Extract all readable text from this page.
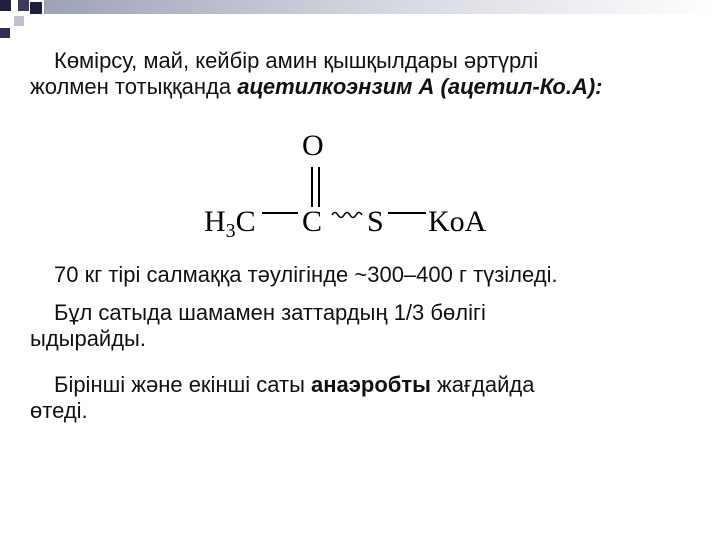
Көмірсу, май, кейбір амин қышқылдары әртүрлі
жолмен тотыққанда ацетилкоэнзим А (ацетил-Ко.А):

O
$H_3C$ C S KoA

70 кг тірі салмаққа тәулігінде ~300–400 г түзіледі.

Бұл сатыда шамамен заттардың 1/3 бөлігі
ыдырайды.

Бірінші және екінші саты анаэробты жағдайда
өтеді.
